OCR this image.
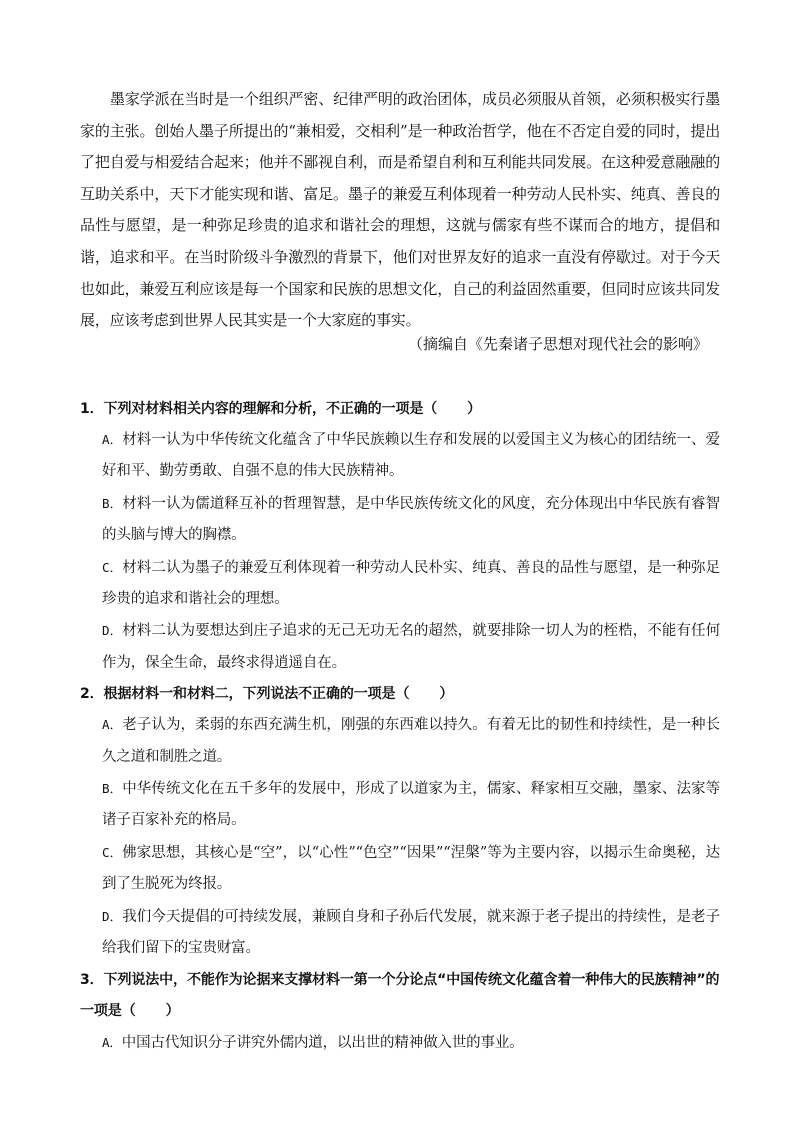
墨家学派在当时是一个组织严密、纪律严明的政治团体，成员必须服从首领，必须积极实行墨家的主张。创始人墨子所提出的“兼相爱，交相利”是一种政治哲学，他在不否定自爱的同时，提出了把自爱与相爱结合起来；他并不鄙视自利，而是希望自利和互利能共同发展。在这种爱意融融的互助关系中，天下才能实现和谐、富足。墨子的兼爱互利体现着一种劳动人民朴实、纯真、善良的品性与愿望，是一种弥足珍贵的追求和谐社会的理想，这就与儒家有些不谋而合的地方，提倡和谐，追求和平。在当时阶级斗争激烈的背景下，他们对世界友好的追求一直没有停歇过。对于今天也如此，兼爱互利应该是每一个国家和民族的思想文化，自己的利益固然重要，但同时应该共同发展，应该考虑到世界人民其实是一个大家庭的事实。
（摘编自《先秦诸子思想对现代社会的影响》
1．下列对材料相关内容的理解和分析，不正确的一项是（ ）
A．材料一认为中华传统文化蕴含了中华民族赖以生存和发展的以爱国主义为核心的团结统一、爱好和平、勤劳勇敢、自强不息的伟大民族精神。
B．材料一认为儒道释互补的哲理智慧，是中华民族传统文化的风度，充分体现出中华民族有睿智的头脑与博大的胸襟。
C．材料二认为墨子的兼爱互利体现着一种劳动人民朴实、纯真、善良的品性与愿望，是一种弥足珍贵的追求和谐社会的理想。
D．材料二认为要想达到庄子追求的无己无功无名的超然，就要排除一切人为的桎梏，不能有任何作为，保全生命，最终求得逍遥自在。
2．根据材料一和材料二，下列说法不正确的一项是（ ）
A．老子认为，柔弱的东西充满生机，刚强的东西难以持久。有着无比的韧性和持续性，是一种长久之道和制胜之道。
B．中华传统文化在五千多年的发展中，形成了以道家为主，儒家、释家相互交融，墨家、法家等诸子百家补充的格局。
C．佛家思想，其核心是“空”，以“心性”“色空”“因果”“涅槃”等为主要内容，以揭示生命奥秘，达到了生脱死为终报。
D．我们今天提倡的可持续发展，兼顾自身和子孙后代发展，就来源于老子提出的持续性，是老子给我们留下的宝贵财富。
3．下列说法中，不能作为论据来支撑材料一第一个分论点“中国传统文化蕴含着一种伟大的民族精神”的一项是（ ）
A．中国古代知识分子讲究外儒内道，以出世的精神做入世的事业。
